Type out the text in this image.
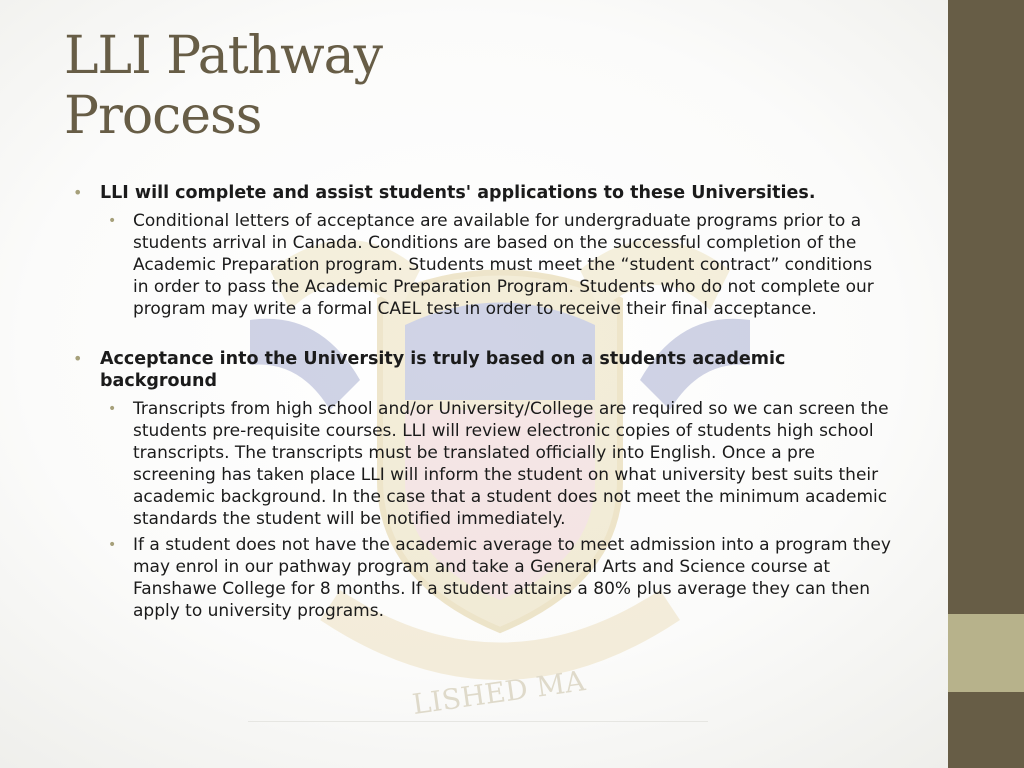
LISHED MA
LLI Pathway
Process
• LLI will complete and assist students' applications to these Universities.
• Conditional letters of acceptance are available for undergraduate programs prior to a students arrival in Canada. Conditions are based on the successful completion of the Academic Preparation program. Students must meet the “student contract” conditions in order to pass the Academic Preparation Program. Students who do not complete our program may write a formal CAEL test in order to receive their final acceptance.
• Acceptance into the University is truly based on a students academic background
• Transcripts from high school and/or University/College are required so we can screen the students pre-requisite courses. LLI will review electronic copies of students high school transcripts. The transcripts must be translated officially into English. Once a pre screening has taken place LLI will inform the student on what university best suits their academic background. In the case that a student does not meet the minimum academic standards the student will be notified immediately.
• If a student does not have the academic average to meet admission into a program they may enrol in our pathway program and take a General Arts and Science course at Fanshawe College for 8 months. If a student attains a 80% plus average they can then apply to university programs.
